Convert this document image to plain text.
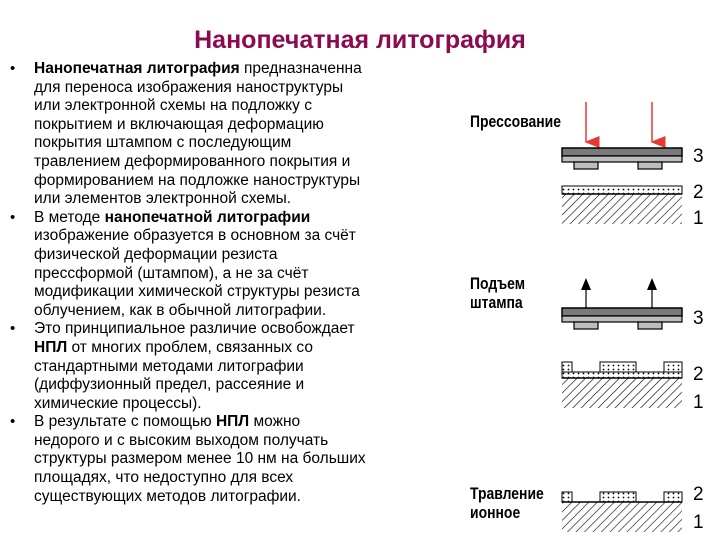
Нанопечатная литография
• Нанопечатная литография предназначенна
для переноса изображения наноструктуры
или электронной схемы на подложку с
покрытием и включающая деформацию
покрытия штампом с последующим
травлением деформированного покрытия и
формированием на подложке наноструктуры
или элементов электронной схемы.
• В методе нанопечатной литографии
изображение образуется в основном за счёт
физической деформации резиста
прессформой (штампом), а не за счёт
модификации химической структуры резиста
облучением, как в обычной литографии.
• Это принципиальное различие освобождает
НПЛ от многих проблем, связанных со
стандартными методами литографии
(диффузионный предел, рассеяние и
химические процессы).
• В результате с помощью НПЛ можно
недорого и с высоким выходом получать
структуры размером менее 10 нм на больших
площадях, что недоступно для всех
существующих методов литографии.
Прессование
Подъем
штампа
Травление
ионное
3
2
1
3
2
1
2
1
